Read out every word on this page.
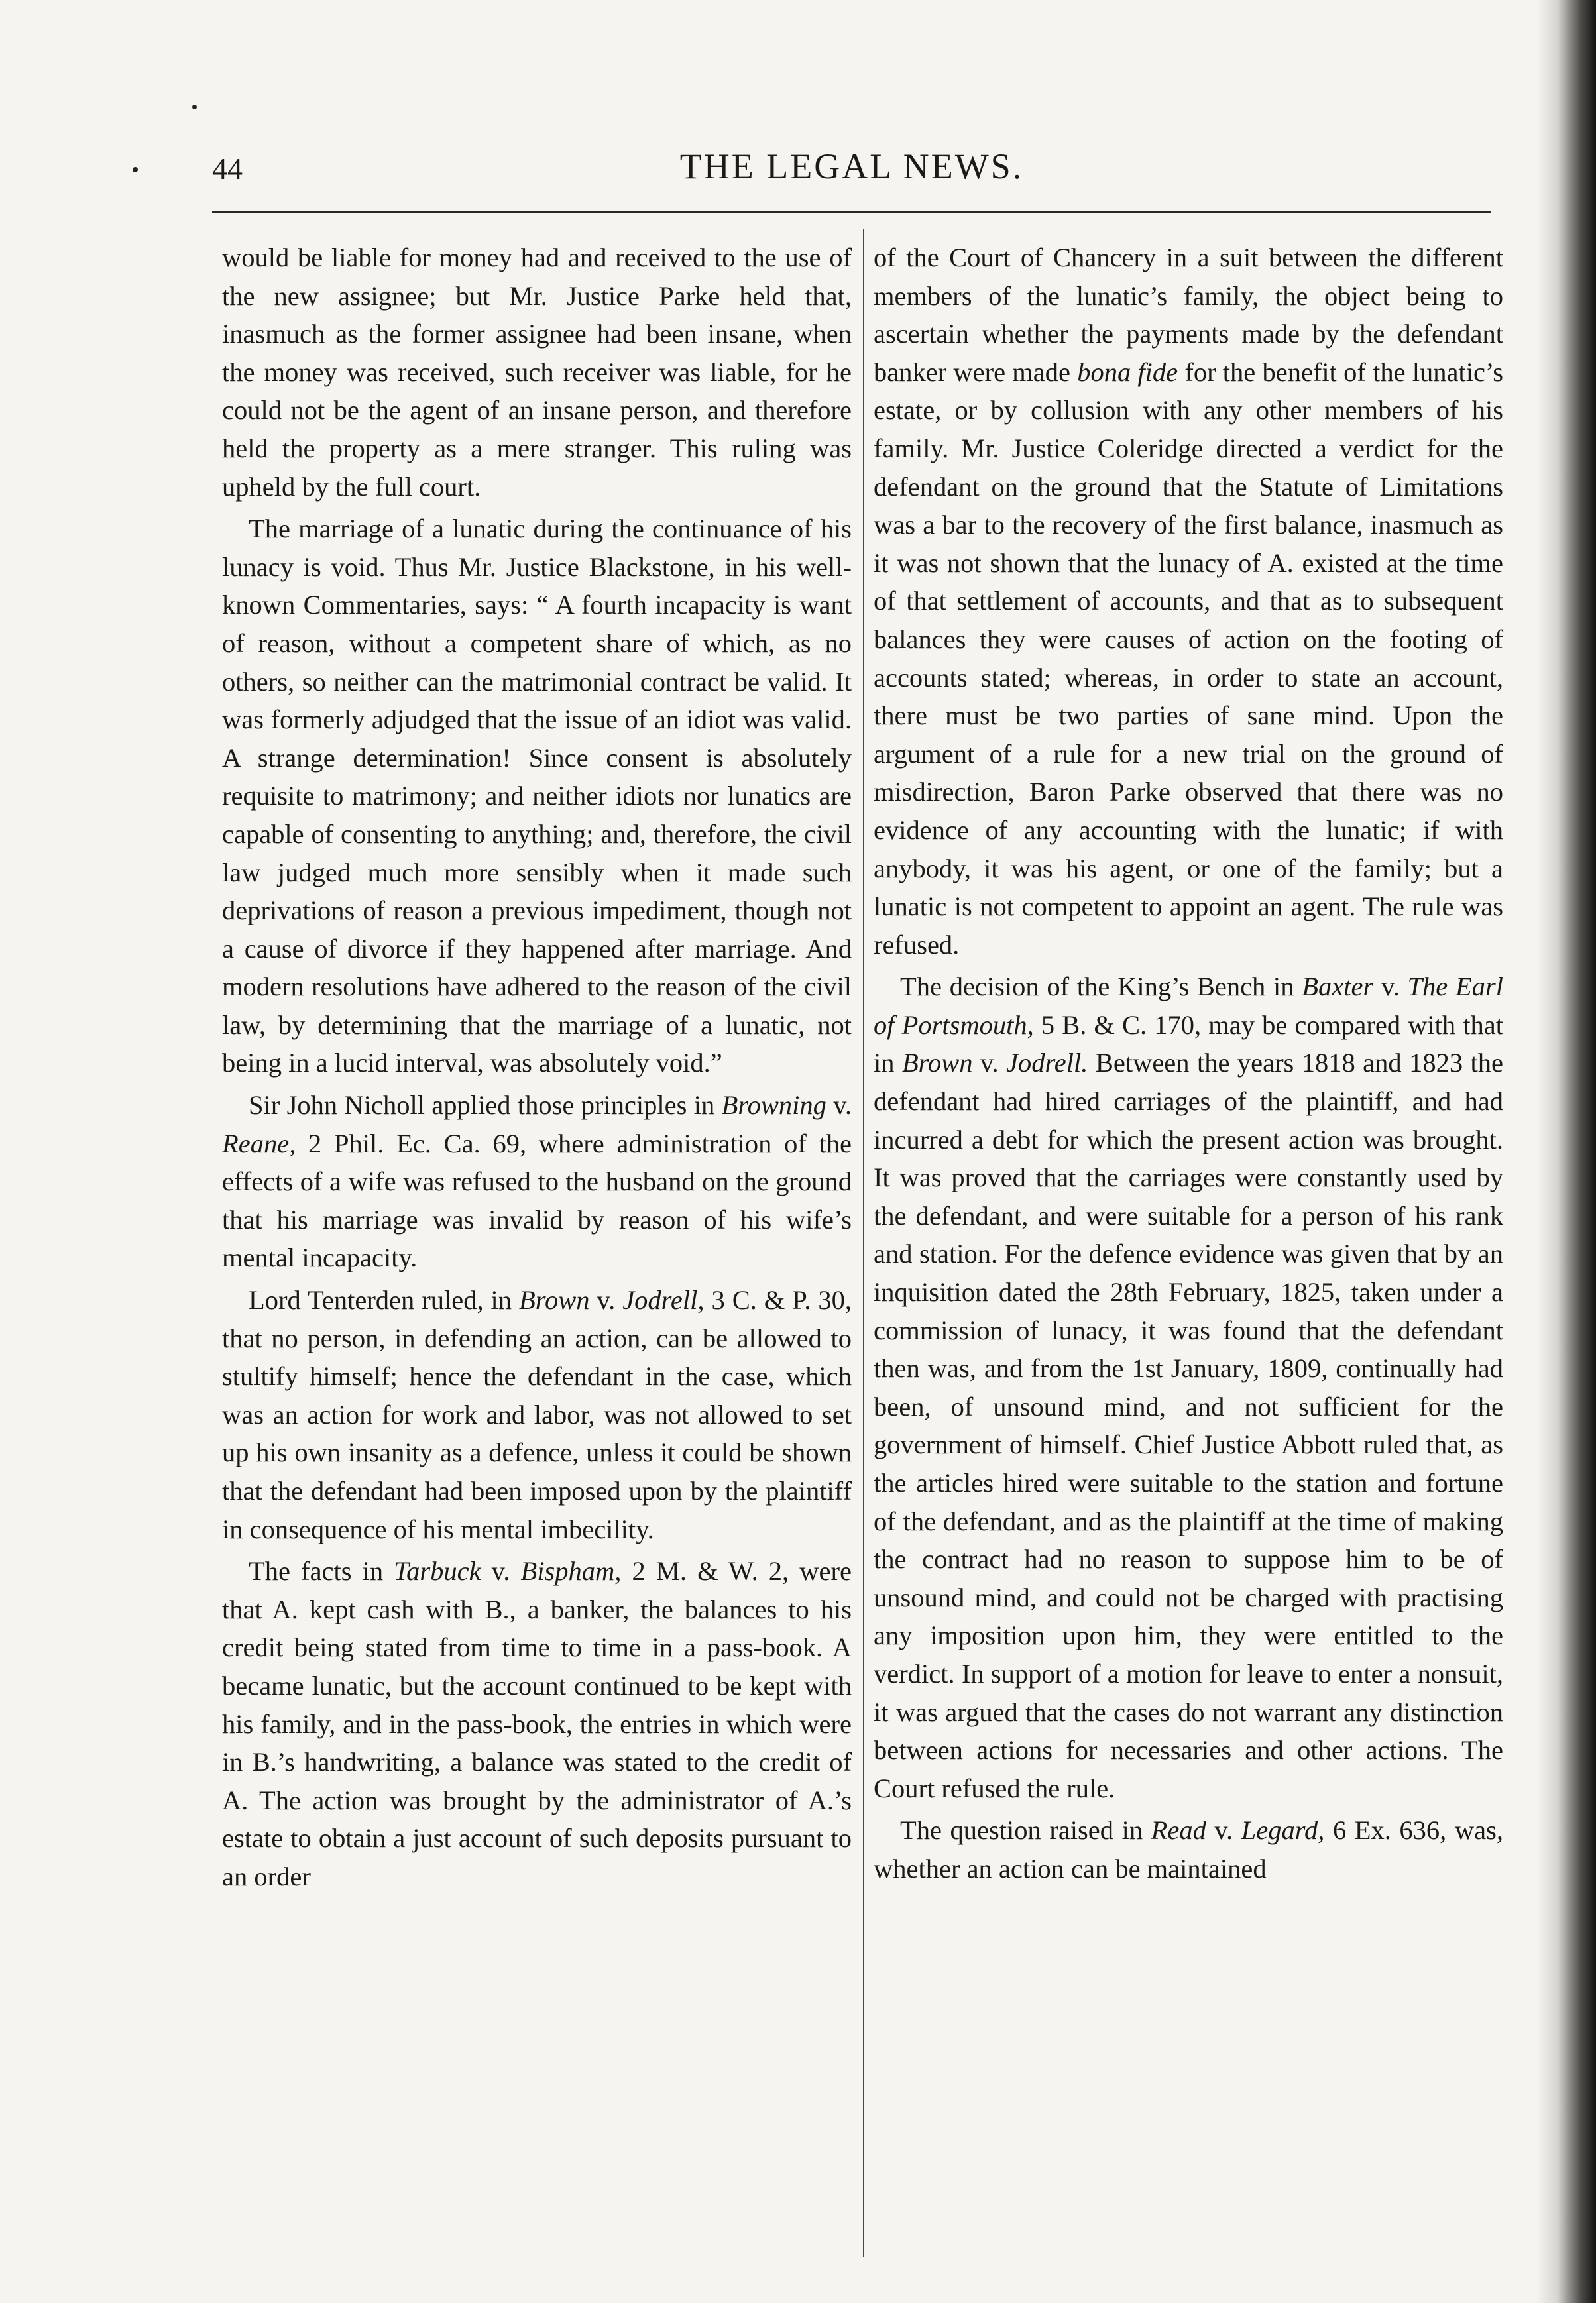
44	THE LEGAL NEWS.

would be liable for money had and received to the use of the new assignee; but Mr. Justice Parke held that, inasmuch as the former assignee had been insane, when the money was received, such receiver was liable, for he could not be the agent of an insane person, and therefore held the property as a mere stranger. This ruling was upheld by the full court.

The marriage of a lunatic during the continuance of his lunacy is void. Thus Mr. Justice Blackstone, in his well-known Commentaries, says: “ A fourth incapacity is want of reason, without a competent share of which, as no others, so neither can the matrimonial contract be valid. It was formerly adjudged that the issue of an idiot was valid. A strange determination! Since consent is absolutely requisite to matrimony; and neither idiots nor lunatics are capable of consenting to anything; and, therefore, the civil law judged much more sensibly when it made such deprivations of reason a previous impediment, though not a cause of divorce if they happened after marriage. And modern resolutions have adhered to the reason of the civil law, by determining that the marriage of a lunatic, not being in a lucid interval, was absolutely void.”

Sir John Nicholl applied those principles in Browning v. Reane, 2 Phil. Ec. Ca. 69, where administration of the effects of a wife was refused to the husband on the ground that his marriage was invalid by reason of his wife’s mental incapacity.

Lord Tenterden ruled, in Brown v. Jodrell, 3 C. & P. 30, that no person, in defending an action, can be allowed to stultify himself; hence the defendant in the case, which was an action for work and labor, was not allowed to set up his own insanity as a defence, unless it could be shown that the defendant had been imposed upon by the plaintiff in consequence of his mental imbecility.

The facts in Tarbuck v. Bispham, 2 M. & W. 2, were that A. kept cash with B., a banker, the balances to his credit being stated from time to time in a pass-book. A became lunatic, but the account continued to be kept with his family, and in the pass-book, the entries in which were in B.’s handwriting, a balance was stated to the credit of A. The action was brought by the administrator of A.’s estate to obtain a just account of such deposits pursuant to an order

of the Court of Chancery in a suit between the different members of the lunatic’s family, the object being to ascertain whether the payments made by the defendant banker were made bona fide for the benefit of the lunatic’s estate, or by collusion with any other members of his family. Mr. Justice Coleridge directed a verdict for the defendant on the ground that the Statute of Limitations was a bar to the recovery of the first balance, inasmuch as it was not shown that the lunacy of A. existed at the time of that settlement of accounts, and that as to subsequent balances they were causes of action on the footing of accounts stated; whereas, in order to state an account, there must be two parties of sane mind. Upon the argument of a rule for a new trial on the ground of misdirection, Baron Parke observed that there was no evidence of any accounting with the lunatic; if with anybody, it was his agent, or one of the family; but a lunatic is not competent to appoint an agent. The rule was refused.

The decision of the King’s Bench in Baxter v. The Earl of Portsmouth, 5 B. & C. 170, may be compared with that in Brown v. Jodrell. Between the years 1818 and 1823 the defendant had hired carriages of the plaintiff, and had incurred a debt for which the present action was brought. It was proved that the carriages were constantly used by the defendant, and were suitable for a person of his rank and station. For the defence evidence was given that by an inquisition dated the 28th February, 1825, taken under a commission of lunacy, it was found that the defendant then was, and from the 1st January, 1809, continually had been, of unsound mind, and not sufficient for the government of himself. Chief Justice Abbott ruled that, as the articles hired were suitable to the station and fortune of the defendant, and as the plaintiff at the time of making the contract had no reason to suppose him to be of unsound mind, and could not be charged with practising any imposition upon him, they were entitled to the verdict. In support of a motion for leave to enter a nonsuit, it was argued that the cases do not warrant any distinction between actions for necessaries and other actions. The Court refused the rule.

The question raised in Read v. Legard, 6 Ex. 636, was, whether an action can be maintained
